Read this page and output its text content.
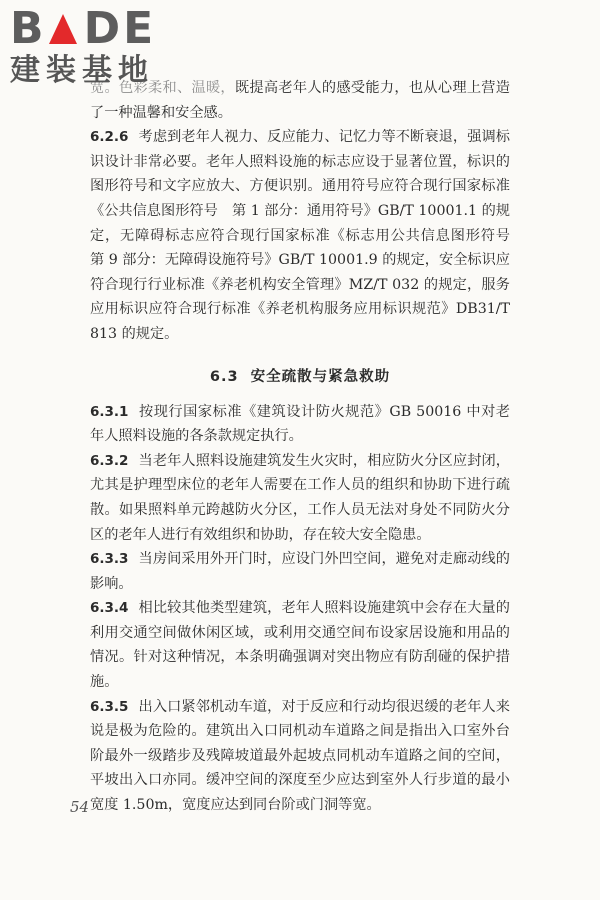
B DE
建装基地

宽。色彩柔和、温暖，既提高老年人的感受能力，也从心理上营造了一种温馨和安全感。

6.2.6 考虑到老年人视力、反应能力、记忆力等不断衰退，强调标识设计非常必要。老年人照料设施的标志应设于显著位置，标识的图形符号和文字应放大、方便识别。通用符号应符合现行国家标准《公共信息图形符号　第 1 部分：通用符号》GB/T 10001.1 的规定，无障碍标志应符合现行国家标准《标志用公共信息图形符号　第 9 部分：无障碍设施符号》GB/T 10001.9 的规定，安全标识应符合现行行业标准《养老机构安全管理》MZ/T 032 的规定，服务应用标识应符合现行标准《养老机构服务应用标识规范》DB31/T 813 的规定。

6.3 安全疏散与紧急救助

6.3.1 按现行国家标准《建筑设计防火规范》GB 50016 中对老年人照料设施的各条款规定执行。

6.3.2 当老年人照料设施建筑发生火灾时，相应防火分区应封闭，尤其是护理型床位的老年人需要在工作人员的组织和协助下进行疏散。如果照料单元跨越防火分区，工作人员无法对身处不同防火分区的老年人进行有效组织和协助，存在较大安全隐患。

6.3.3 当房间采用外开门时，应设门外凹空间，避免对走廊动线的影响。

6.3.4 相比较其他类型建筑，老年人照料设施建筑中会存在大量的利用交通空间做休闲区域，或利用交通空间布设家居设施和用品的情况。针对这种情况，本条明确强调对突出物应有防刮碰的保护措施。

6.3.5 出入口紧邻机动车道，对于反应和行动均很迟缓的老年人来说是极为危险的。建筑出入口同机动车道路之间是指出入口室外台阶最外一级踏步及残障坡道最外起坡点同机动车道路之间的空间，平坡出入口亦同。缓冲空间的深度至少应达到室外人行步道的最小宽度 1.50m，宽度应达到同台阶或门洞等宽。

54
